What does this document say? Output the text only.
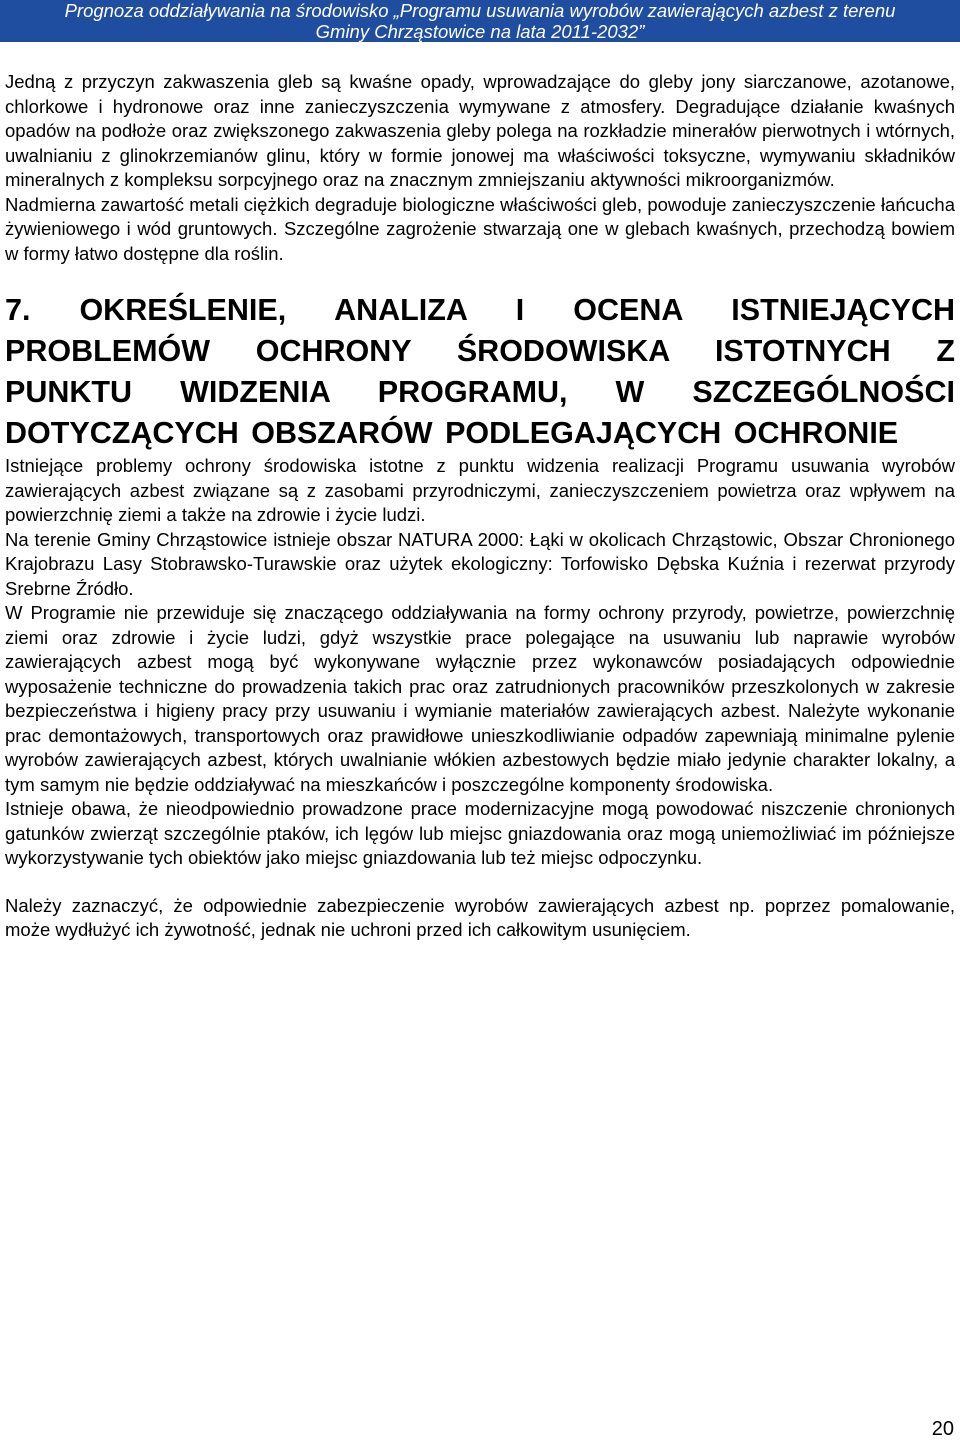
Prognoza oddziaływania na środowisko „Programu usuwania wyrobów zawierających azbest z terenu
Gminy Chrząstowice na lata 2011-2032”

Jedną z przyczyn zakwaszenia gleb są kwaśne opady, wprowadzające do gleby jony siarczanowe, azotanowe, chlorkowe i hydronowe oraz inne zanieczyszczenia wymywane z atmosfery. Degradujące działanie kwaśnych opadów na podłoże oraz zwiększonego zakwaszenia gleby polega na rozkładzie minerałów pierwotnych i wtórnych, uwalnianiu z glinokrzemianów glinu, który w formie jonowej ma właściwości toksyczne, wymywaniu składników mineralnych z kompleksu sorpcyjnego oraz na znacznym zmniejszaniu aktywności mikroorganizmów.

Nadmierna zawartość metali ciężkich degraduje biologiczne właściwości gleb, powoduje zanieczyszczenie łańcucha żywieniowego i wód gruntowych. Szczególne zagrożenie stwarzają one w glebach kwaśnych, przechodzą bowiem w formy łatwo dostępne dla roślin.

7. OKREŚLENIE, ANALIZA I OCENA ISTNIEJĄCYCH PROBLEMÓW OCHRONY ŚRODOWISKA ISTOTNYCH Z PUNKTU WIDZENIA PROGRAMU, W SZCZEGÓLNOŚCI DOTYCZĄCYCH OBSZARÓW PODLEGAJĄCYCH OCHRONIE

Istniejące problemy ochrony środowiska istotne z punktu widzenia realizacji Programu usuwania wyrobów zawierających azbest związane są z zasobami przyrodniczymi, zanieczyszczeniem powietrza oraz wpływem na powierzchnię ziemi a także na zdrowie i życie ludzi.

Na terenie Gminy Chrząstowice istnieje obszar NATURA 2000: Łąki w okolicach Chrząstowic, Obszar Chronionego Krajobrazu Lasy Stobrawsko-Turawskie oraz użytek ekologiczny: Torfowisko Dębska Kuźnia i rezerwat przyrody Srebrne Źródło.

W Programie nie przewiduje się znaczącego oddziaływania na formy ochrony przyrody, powietrze, powierzchnię ziemi oraz zdrowie i życie ludzi, gdyż wszystkie prace polegające na usuwaniu lub naprawie wyrobów zawierających azbest mogą być wykonywane wyłącznie przez wykonawców posiadających odpowiednie wyposażenie techniczne do prowadzenia takich prac oraz zatrudnionych pracowników przeszkolonych w zakresie bezpieczeństwa i higieny pracy przy usuwaniu i wymianie materiałów zawierających azbest. Należyte wykonanie prac demontażowych, transportowych oraz prawidłowe unieszkodliwianie odpadów zapewniają minimalne pylenie wyrobów zawierających azbest, których uwalnianie włókien azbestowych będzie miało jedynie charakter lokalny, a tym samym nie będzie oddziaływać na mieszkańców i poszczególne komponenty środowiska.

Istnieje obawa, że nieodpowiednio prowadzone prace modernizacyjne mogą powodować niszczenie chronionych gatunków zwierząt szczególnie ptaków, ich lęgów lub miejsc gniazdowania oraz mogą uniemożliwiać im późniejsze wykorzystywanie tych obiektów jako miejsc gniazdowania lub też miejsc odpoczynku.

Należy zaznaczyć, że odpowiednie zabezpieczenie wyrobów zawierających azbest np. poprzez pomalowanie, może wydłużyć ich żywotność, jednak nie uchroni przed ich całkowitym usunięciem.

20
